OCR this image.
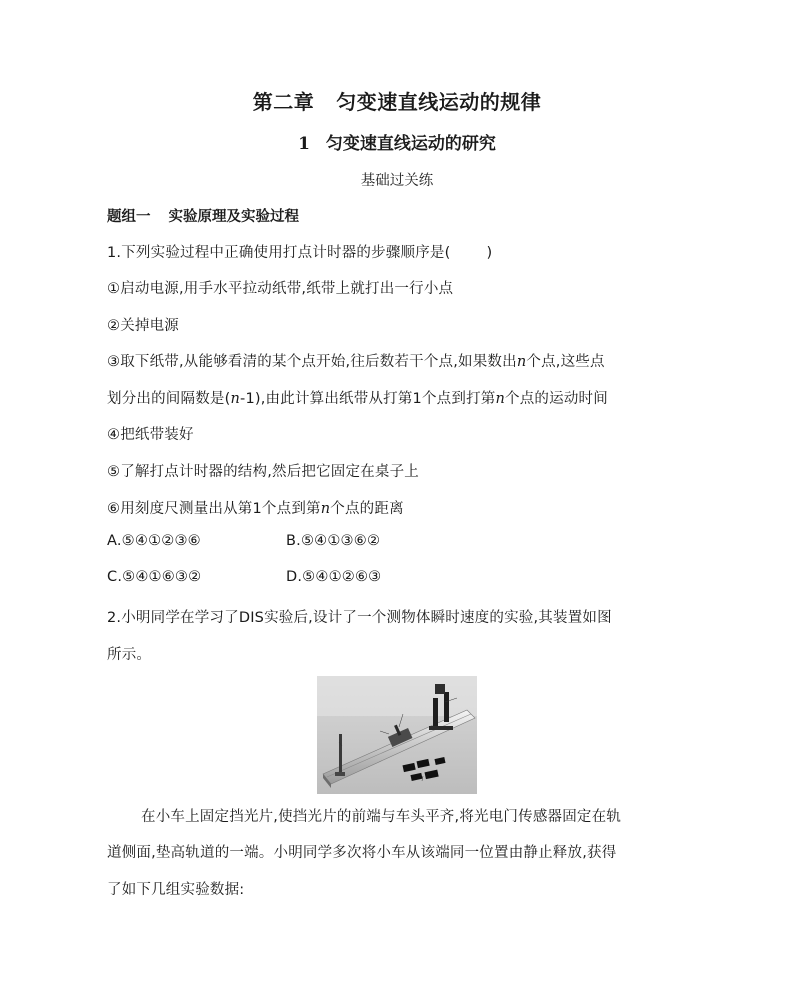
第二章 匀变速直线运动的规律
1 匀变速直线运动的研究
基础过关练
题组一 实验原理及实验过程
1.下列实验过程中正确使用打点计时器的步骤顺序是( )
①启动电源,用手水平拉动纸带,纸带上就打出一行小点
②关掉电源
③取下纸带,从能够看清的某个点开始,往后数若干个点,如果数出n个点,这些点
划分出的间隔数是(n-1),由此计算出纸带从打第1个点到打第n个点的运动时间
④把纸带装好
⑤了解打点计时器的结构,然后把它固定在桌子上
⑥用刻度尺测量出从第1个点到第n个点的距离
A.⑤④①②③⑥	B.⑤④①③⑥②
C.⑤④①⑥③②	D.⑤④①②⑥③
2.小明同学在学习了DIS实验后,设计了一个测物体瞬时速度的实验,其装置如图
所示。
在小车上固定挡光片,使挡光片的前端与车头平齐,将光电门传感器固定在轨
道侧面,垫高轨道的一端。小明同学多次将小车从该端同一位置由静止释放,获得
了如下几组实验数据:
